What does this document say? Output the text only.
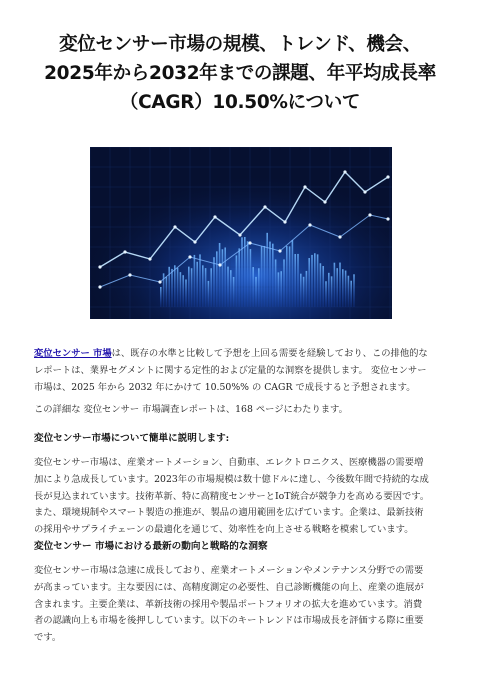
変位センサー市場の規模、トレンド、機会、
2025年から2032年までの課題、年平均成長率
（CAGR）10.50%について
変位センサー 市場は、既存の水準と比較して予想を上回る需要を経験しており、この排他的な
レポートは、業界セグメントに関する定性的および定量的な洞察を提供します。 変位センサー
市場は、2025 年から 2032 年にかけて 10.50%% の CAGR で成長すると予想されます。
この詳細な 変位センサー 市場調査レポートは、168 ページにわたります。
変位センサー市場について簡単に説明します:
変位センサー市場は、産業オートメーション、自動車、エレクトロニクス、医療機器の需要増
加により急成長しています。2023年の市場規模は数十億ドルに達し、今後数年間で持続的な成
長が見込まれています。技術革新、特に高精度センサーとIoT統合が競争力を高める要因です。
また、環境規制やスマート製造の推進が、製品の適用範囲を広げています。企業は、最新技術
の採用やサプライチェーンの最適化を通じて、効率性を向上させる戦略を模索しています。
変位センサー 市場における最新の動向と戦略的な洞察
変位センサー市場は急速に成長しており、産業オートメーションやメンテナンス分野での需要
が高まっています。主な要因には、高精度測定の必要性、自己診断機能の向上、産業の進展が
含まれます。主要企業は、革新技術の採用や製品ポートフォリオの拡大を進めています。消費
者の認識向上も市場を後押ししています。以下のキートレンドは市場成長を評価する際に重要
です。
